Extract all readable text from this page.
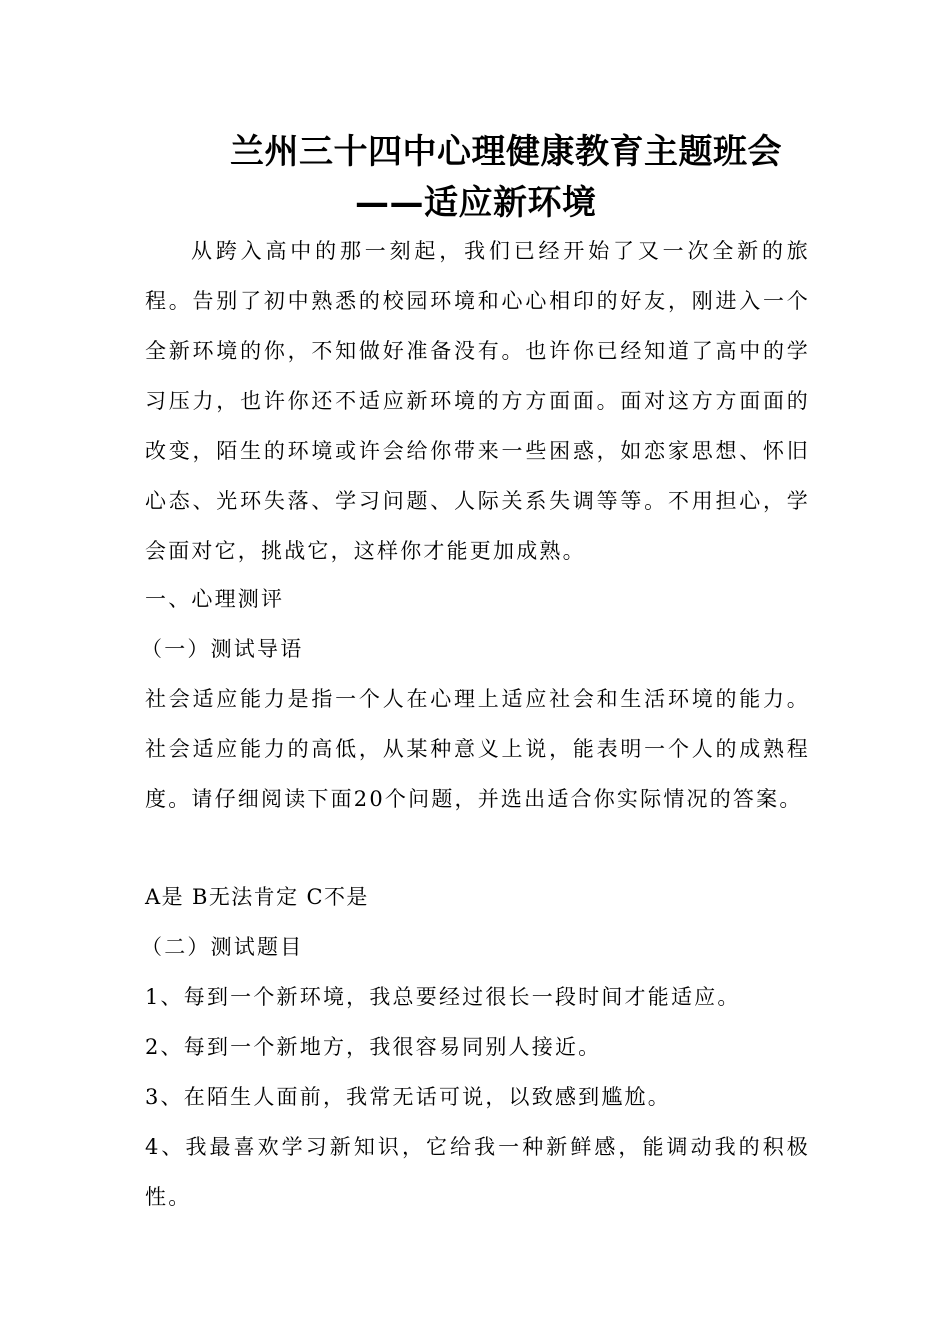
兰州三十四中心理健康教育主题班会
——适应新环境
从跨入高中的那一刻起，我们已经开始了又一次全新的旅程。告别了初中熟悉的校园环境和心心相印的好友，刚进入一个全新环境的你，不知做好准备没有。也许你已经知道了高中的学习压力，也许你还不适应新环境的方方面面。面对这方方面面的改变，陌生的环境或许会给你带来一些困惑，如恋家思想、怀旧心态、光环失落、学习问题、人际关系失调等等。不用担心，学会面对它，挑战它，这样你才能更加成熟。
一、心理测评
（一）测试导语
社会适应能力是指一个人在心理上适应社会和生活环境的能力。社会适应能力的高低，从某种意义上说，能表明一个人的成熟程度。请仔细阅读下面20个问题，并选出适合你实际情况的答案。
A是 B无法肯定 C不是
（二）测试题目
1、每到一个新环境，我总要经过很长一段时间才能适应。
2、每到一个新地方，我很容易同别人接近。
3、在陌生人面前，我常无话可说，以致感到尴尬。
4、我最喜欢学习新知识，它给我一种新鲜感，能调动我的积极性。
